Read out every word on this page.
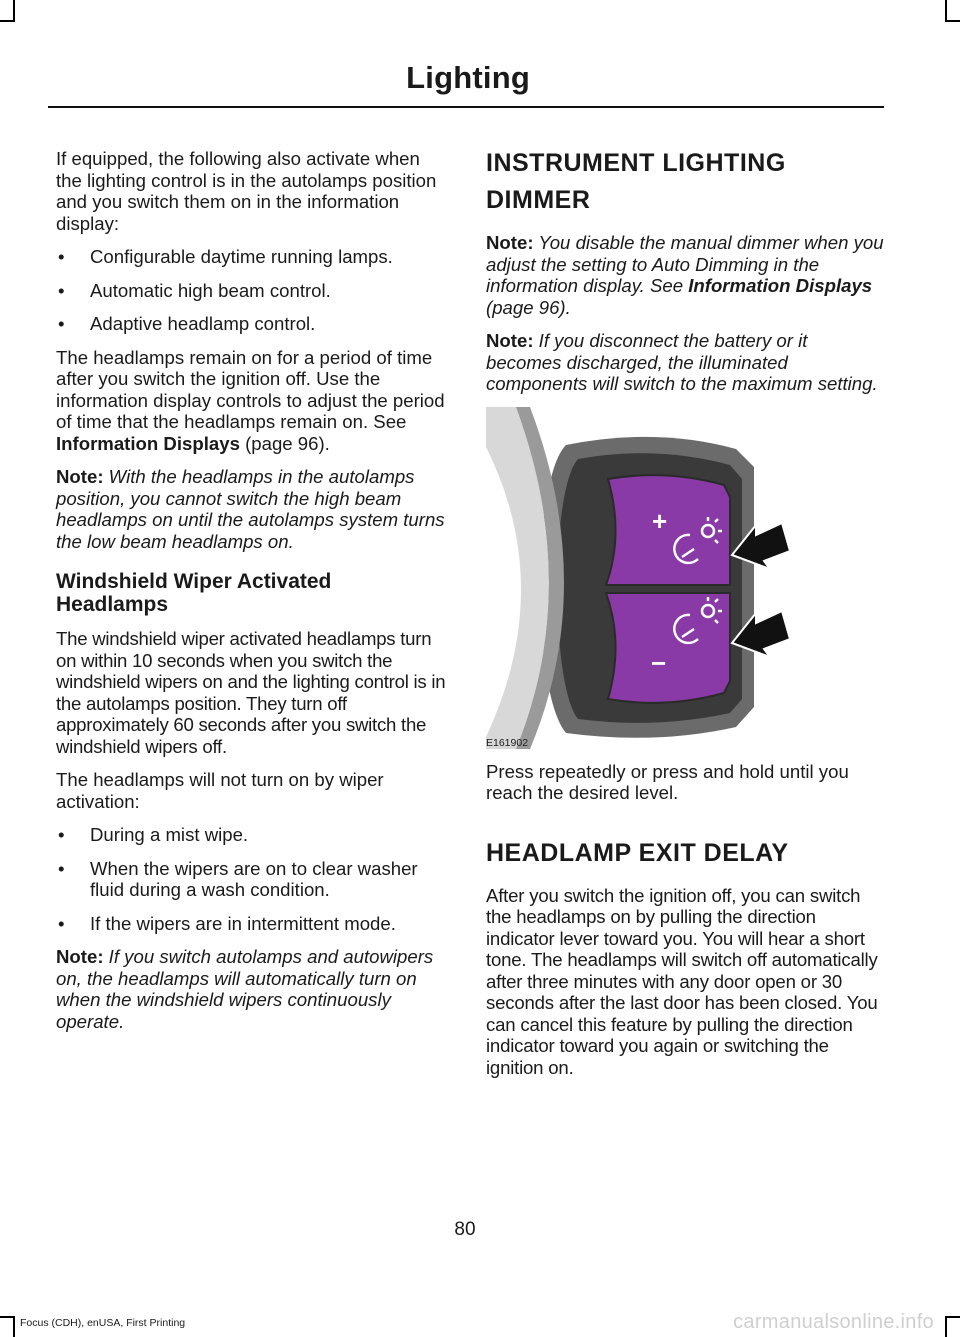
Lighting

If equipped, the following also activate when the lighting control is in the autolamps position and you switch them on in the information display:

•	Configurable daytime running lamps.
•	Automatic high beam control.
•	Adaptive headlamp control.

The headlamps remain on for a period of time after you switch the ignition off. Use the information display controls to adjust the period of time that the headlamps remain on. See Information Displays (page 96).

Note: With the headlamps in the autolamps position, you cannot switch the high beam headlamps on until the autolamps system turns the low beam headlamps on.

Windshield Wiper Activated Headlamps

The windshield wiper activated headlamps turn on within 10 seconds when you switch the windshield wipers on and the lighting control is in the autolamps position. They turn off approximately 60 seconds after you switch the windshield wipers off.

The headlamps will not turn on by wiper activation:

•	During a mist wipe.
•	When the wipers are on to clear washer fluid during a wash condition.
•	If the wipers are in intermittent mode.

Note: If you switch autolamps and autowipers on, the headlamps will automatically turn on when the windshield wipers continuously operate.

INSTRUMENT LIGHTING
DIMMER

Note: You disable the manual dimmer when you adjust the setting to Auto Dimming in the information display. See Information Displays (page 96).

Note: If you disconnect the battery or it becomes discharged, the illuminated components will switch to the maximum setting.

+
−
E161902

Press repeatedly or press and hold until you reach the desired level.

HEADLAMP EXIT DELAY

After you switch the ignition off, you can switch the headlamps on by pulling the direction indicator lever toward you. You will hear a short tone. The headlamps will switch off automatically after three minutes with any door open or 30 seconds after the last door has been closed. You can cancel this feature by pulling the direction indicator toward you again or switching the ignition on.

80
Focus (CDH), enUSA, First Printing	carmanualsonline.info
